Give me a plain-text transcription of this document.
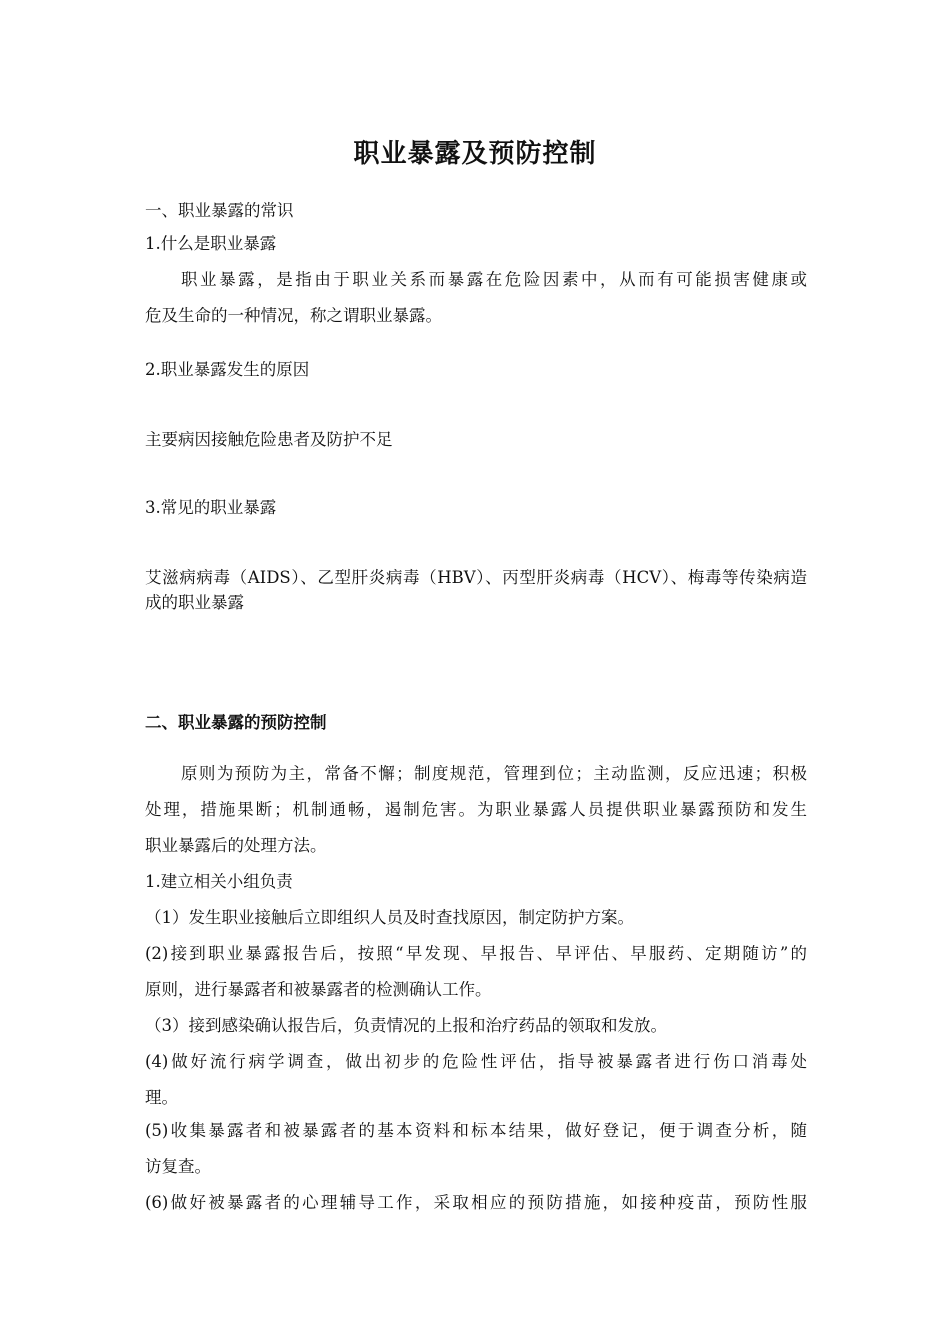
职业暴露及预防控制
一、职业暴露的常识
1.什么是职业暴露
职业暴露，是指由于职业关系而暴露在危险因素中，从而有可能损害健康或
危及生命的一种情况，称之谓职业暴露。
2.职业暴露发生的原因
主要病因接触危险患者及防护不足
3.常见的职业暴露
艾滋病病毒（AIDS）、乙型肝炎病毒（HBV）、丙型肝炎病毒（HCV）、梅毒等传染病造
成的职业暴露
二、职业暴露的预防控制
原则为预防为主，常备不懈；制度规范，管理到位；主动监测，反应迅速；积极
处理，措施果断；机制通畅，遏制危害。为职业暴露人员提供职业暴露预防和发生
职业暴露后的处理方法。
1.建立相关小组负责
（1）发生职业接触后立即组织人员及时查找原因，制定防护方案。
(2)接到职业暴露报告后，按照“早发现、早报告、早评估、早服药、定期随访”的
原则，进行暴露者和被暴露者的检测确认工作。
（3）接到感染确认报告后，负责情况的上报和治疗药品的领取和发放。
(4)做好流行病学调查，做出初步的危险性评估，指导被暴露者进行伤口消毒处
理。
(5)收集暴露者和被暴露者的基本资料和标本结果，做好登记，便于调查分析，随
访复查。
(6)做好被暴露者的心理辅导工作，采取相应的预防措施，如接种疫苗，预防性服
